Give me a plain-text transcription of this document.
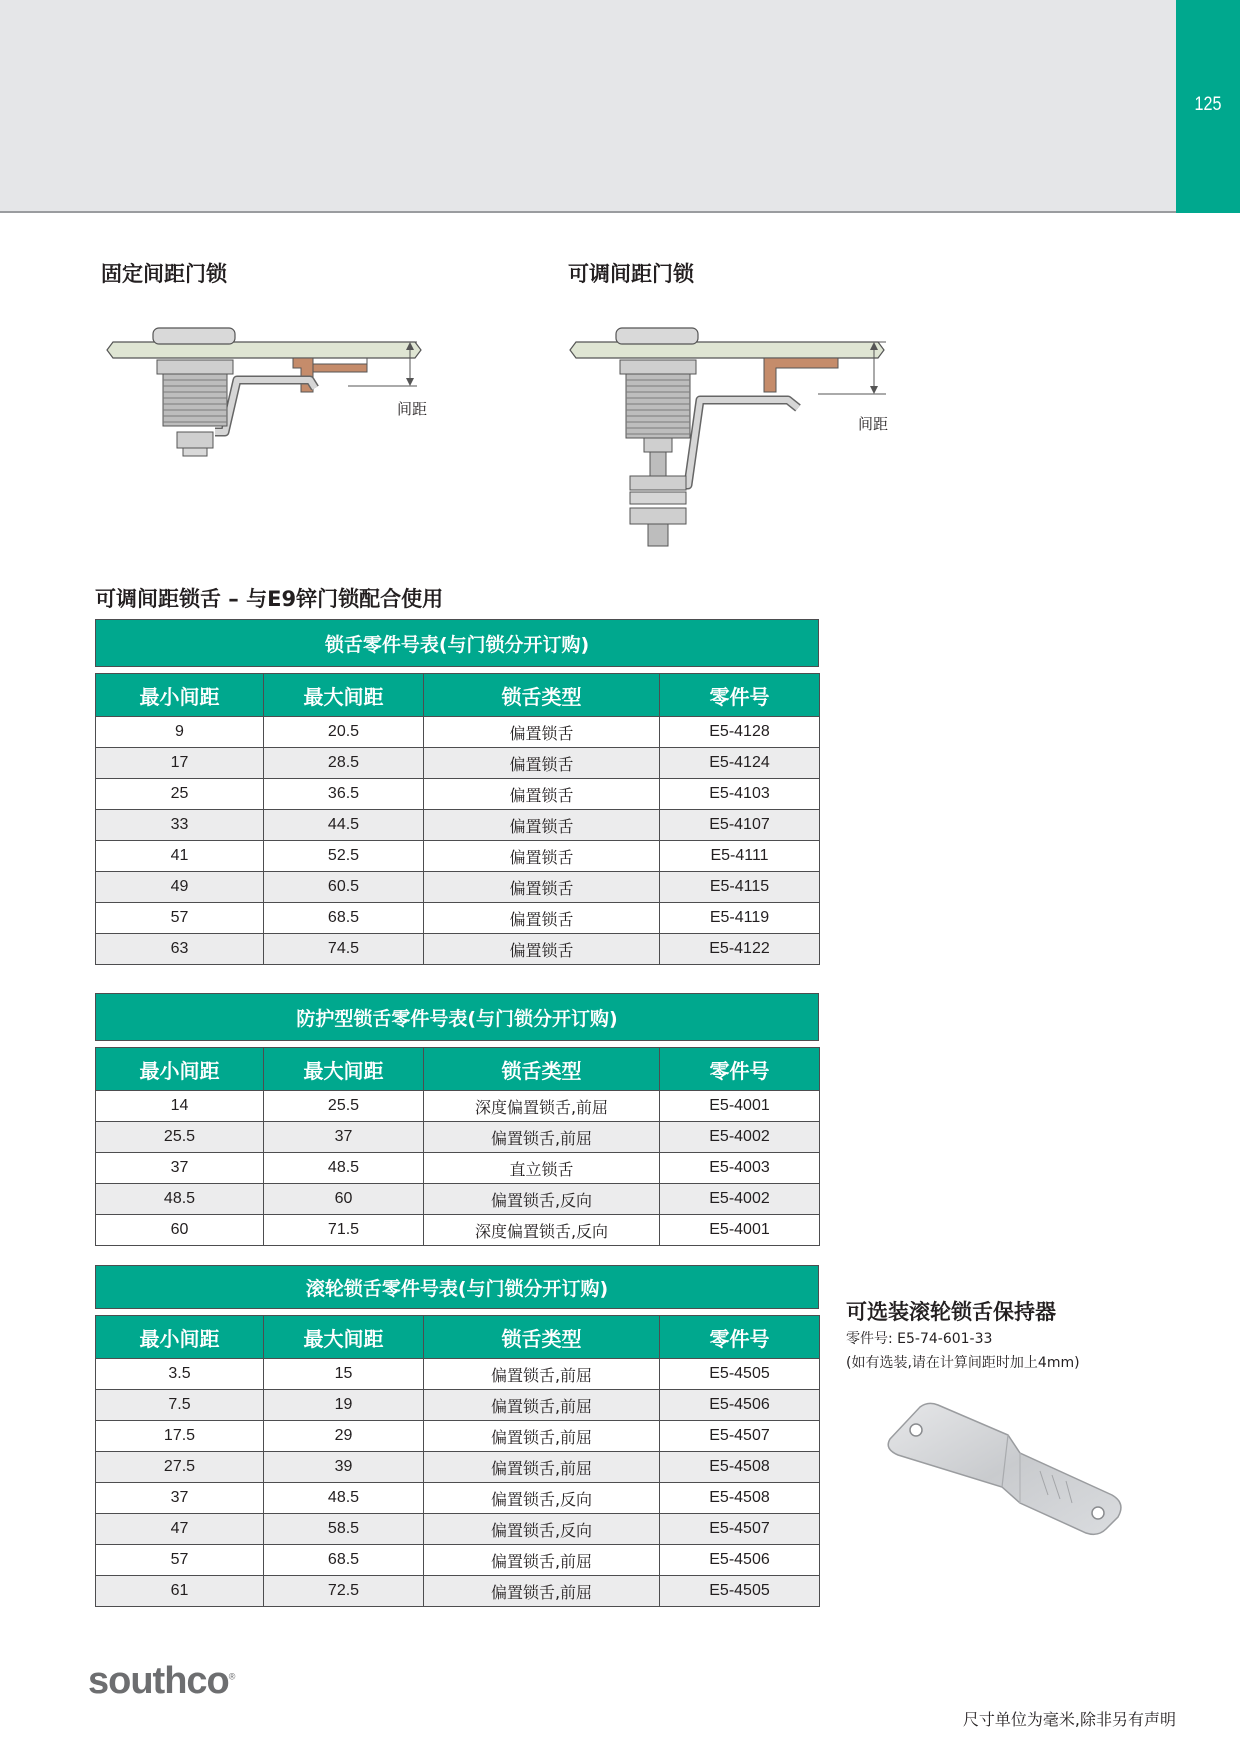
125
固定间距门锁
间距
可调间距门锁
间距
可调间距锁舌 – 与E9锌门锁配合使用
锁舌零件号表(与门锁分开订购)
最小间距	最大间距	锁舌类型	零件号
9	20.5	偏置锁舌	E5-4128
17	28.5	偏置锁舌	E5-4124
25	36.5	偏置锁舌	E5-4103
33	44.5	偏置锁舌	E5-4107
41	52.5	偏置锁舌	E5-4111
49	60.5	偏置锁舌	E5-4115
57	68.5	偏置锁舌	E5-4119
63	74.5	偏置锁舌	E5-4122
防护型锁舌零件号表(与门锁分开订购)
最小间距	最大间距	锁舌类型	零件号
14	25.5	深度偏置锁舌,前屈	E5-4001
25.5	37	偏置锁舌,前屈	E5-4002
37	48.5	直立锁舌	E5-4003
48.5	60	偏置锁舌,反向	E5-4002
60	71.5	深度偏置锁舌,反向	E5-4001
滚轮锁舌零件号表(与门锁分开订购)
最小间距	最大间距	锁舌类型	零件号
3.5	15	偏置锁舌,前屈	E5-4505
7.5	19	偏置锁舌,前屈	E5-4506
17.5	29	偏置锁舌,前屈	E5-4507
27.5	39	偏置锁舌,前屈	E5-4508
37	48.5	偏置锁舌,反向	E5-4508
47	58.5	偏置锁舌,反向	E5-4507
57	68.5	偏置锁舌,前屈	E5-4506
61	72.5	偏置锁舌,前屈	E5-4505
可选装滚轮锁舌保持器
零件号: E5-74-601-33
(如有选装,请在计算间距时加上4mm)
southco®
尺寸单位为毫米,除非另有声明
